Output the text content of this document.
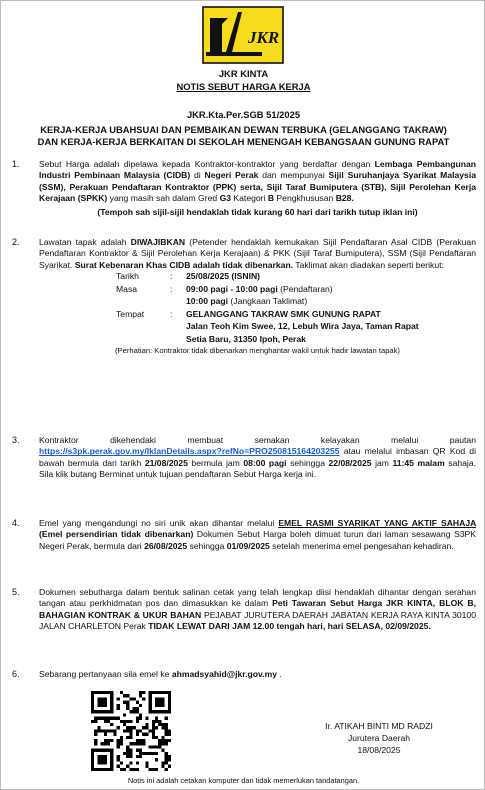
JKR
JKR KINTA
NOTIS SEBUT HARGA KERJA
JKR.Kta.Per.SGB 51/2025
KERJA-KERJA UBAHSUAI DAN PEMBAIKAN DEWAN TERBUKA (GELANGGANG TAKRAW)
DAN KERJA-KERJA BERKAITAN DI SEKOLAH MENENGAH KEBANGSAAN GUNUNG RAPAT
1.	Sebut Harga adalah dipelawa kepada Kontraktor-kontraktor yang berdaftar dengan Lembaga Pembangunan Industri Pembinaan Malaysia (CIDB) di Negeri Perak dan mempunyai Sijil Suruhanjaya Syarikat Malaysia (SSM), Perakuan Pendaftaran Kontraktor (PPK) serta, Sijil Taraf Bumiputera (STB), Sijil Perolehan Kerja Kerajaan (SPKK) yang masih sah dalam Gred G3 Kategori B Pengkhususan B28.
(Tempoh sah sijil-sijil hendaklah tidak kurang 60 hari dari tarikh tutup iklan ini)
2.	Lawatan tapak adalah DIWAJIBKAN (Petender hendaklah kemukakan Sijil Pendaftaran Asal CIDB (Perakuan Pendaftaran Kontraktor & Sijil Perolehan Kerja Kerajaan) & PKK (Sijil Taraf Bumiputera), SSM (Sijil Pendaftaran Syarikat. Surat Kebenaran Khas CIDB adalah tidak dibenarkan. Taklimat akan diadakan seperti berikut:
Tarikh	: 25/08/2025 (ISNIN)
Masa	: 09:00 pagi - 10:00 pagi (Pendaftaran)
10:00 pagi (Jangkaan Taklimat)
Tempat	: GELANGGANG TAKRAW SMK GUNUNG RAPAT
Jalan Teoh Kim Swee, 12, Lebuh Wira Jaya, Taman Rapat
Setia Baru, 31350 Ipoh, Perak
(Perhatian: Kontraktor tidak dibenarkan menghantar wakil untuk hadir lawatan tapak)
3.	Kontraktor dikehendaki membuat semakan kelayakan melalui pautan https://s3pk.perak.gov.my/IklanDetails.aspx?refNo=PRO250815164203255 atau melalui imbasan QR Kod di bawah bermula dari tarikh 21/08/2025 bermula jam 08:00 pagi sehingga 22/08/2025 jam 11:45 malam sahaja. Sila klik butang Berminat untuk tujuan pendaftaran Sebut Harga kerja ini.
4.	Emel yang mengandungi no siri unik akan dihantar melalui EMEL RASMI SYARIKAT YANG AKTIF SAHAJA (Emel persendirian tidak dibenarkan) Dokumen Sebut Harga boleh dimuat turun dari laman sesawang S3PK Negeri Perak, bermula dari 26/08/2025 sehingga 01/09/2025 setelah menerima emel pengesahan kehadiran.
5.	Dokumen sebutharga dalam bentuk salinan cetak yang telah lengkap diisi hendaklah dihantar dengan serahan tangan atau perkhidmatan pos dan dimasukkan ke dalam Peti Tawaran Sebut Harga JKR KINTA, BLOK B, BAHAGIAN KONTRAK & UKUR BAHAN PEJABAT JURUTERA DAERAH JABATAN KERJA RAYA KINTA 30100 JALAN CHARLETON Perak TIDAK LEWAT DARI JAM 12.00 tengah hari, hari SELASA, 02/09/2025.
6.	Sebarang pertanyaan sila emel ke ahmadsyahid@jkr.gov.my .
Ir. ATIKAH BINTI MD RADZI
Jurutera Daerah
18/08/2025
Notis ini adalah cetakan komputer dan tidak memerlukan tandatangan.
